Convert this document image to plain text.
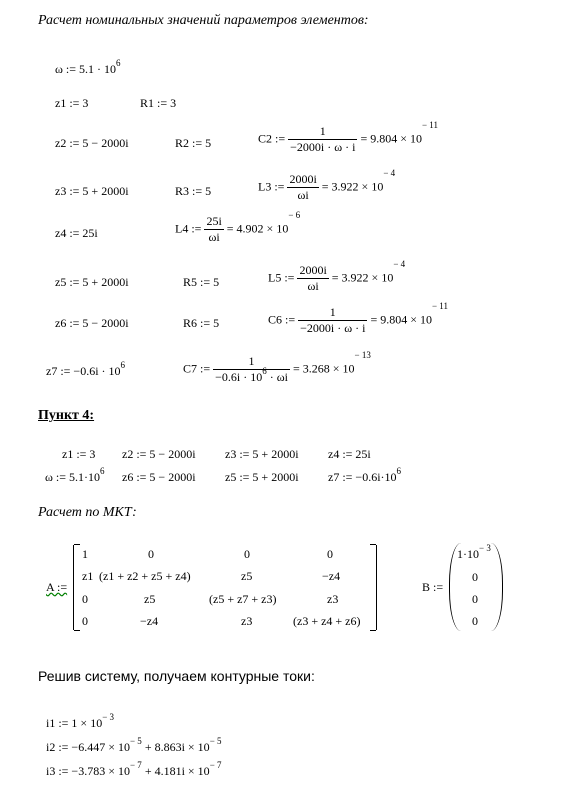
Расчет номинальных значений параметров элементов:
ω := $5.1 \cdot 10^6$
z1 := 3	R1 := 3
z2 := 5 − 2000i	R2 := 5	C2 := $\frac{1}{-2000i \cdot \omega \cdot i} = 9.804 \times 10^{- 11}$
z3 := 5 + 2000i	R3 := 5	L3 := $\frac{2000i}{\omega i} = 3.922 \times 10^{- 4}$
z4 := 25i	L4 := $\frac{25i}{\omega i} = 4.902 \times 10^{- 6}$
z5 := 5 + 2000i	R5 := 5	L5 := $\frac{2000i}{\omega i} = 3.922 \times 10^{- 4}$
z6 := 5 − 2000i	R6 := 5	C6 := $\frac{1}{-2000i \cdot \omega \cdot i} = 9.804 \times 10^{- 11}$
z7 := $-0.6i \cdot 10^6$	C7 := $\frac{1}{-0.6i \cdot 10^6 \cdot \omega i} = 3.268 \times 10^{- 13}$
Пункт 4:
z1 := 3 z2 := 5 − 2000i z3 := 5 + 2000i z4 := 25i
ω := $5.1\cdot 10^6$ z6 := 5 − 2000i z5 := 5 + 2000i z7 := $-0.6i\cdot 10^6$
Расчет по МКТ:
A :=
1	0	0	0
z1 (z1 + z2 + z5 + z4)	z5	−z4
0	z5	(z5 + z7 + z3)	z3
0	−z4	z3	(z3 + z4 + z6)
B :=
$1\cdot 10^{- 3}$
0
0
0
Решив систему, получаем контурные токи:
i1 := $1 \times 10^{- 3}$
i2 := $-6.447 \times 10^{- 5} + 8.863i \times 10^{- 5}$
i3 := $-3.783 \times 10^{- 7} + 4.181i \times 10^{- 7}$
